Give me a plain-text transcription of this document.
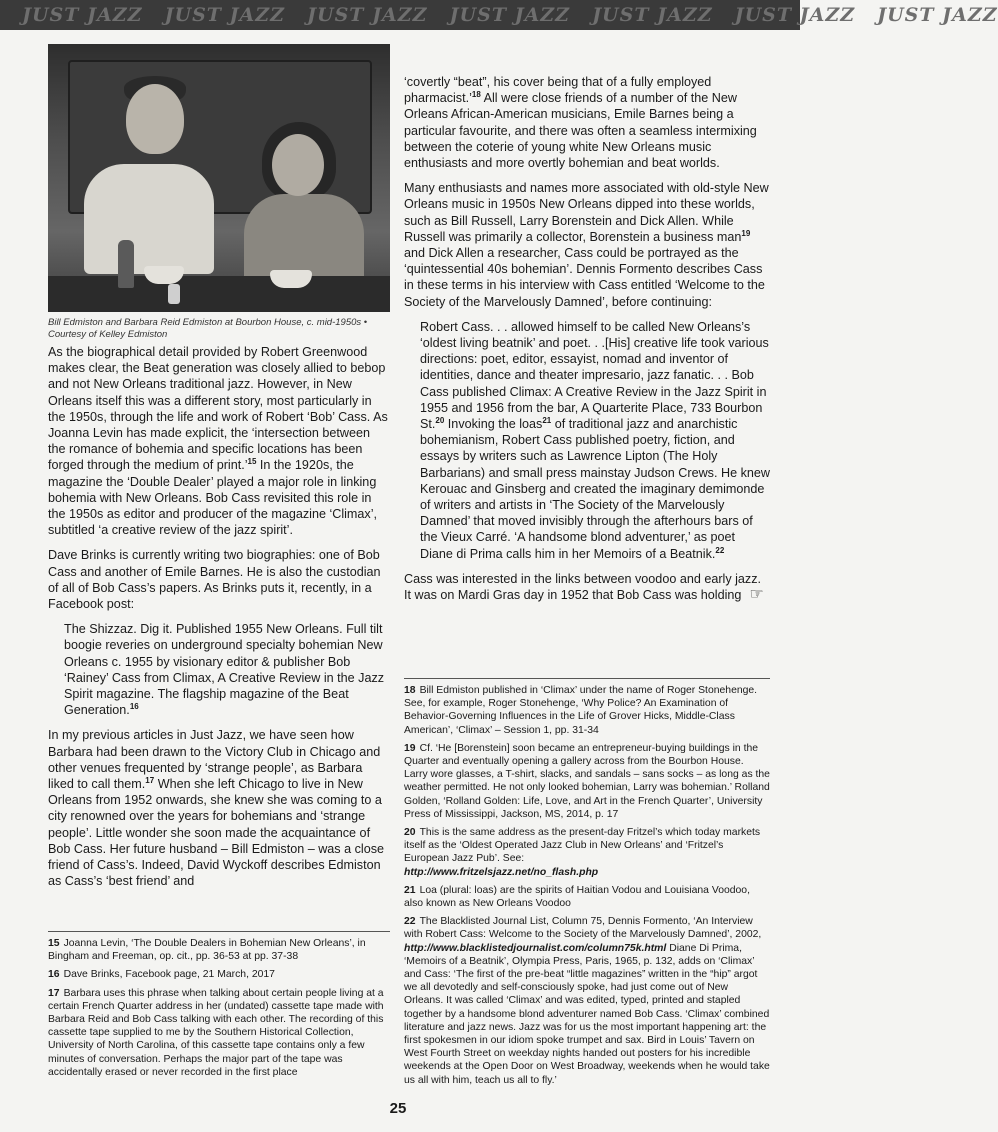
JUST JAZZ JUST JAZZ JUST JAZZ JUST JAZZ JUST JAZZ JUST JAZZ JUST JAZZ
Bill Edmiston and Barbara Reid Edmiston at Bourbon House, c. mid-1950s • Courtesy of Kelley Edmiston

As the biographical detail provided by Robert Greenwood makes clear, the Beat generation was closely allied to bebop and not New Orleans traditional jazz. However, in New Orleans itself this was a different story, most particularly in the 1950s, through the life and work of Robert ‘Bob’ Cass. As Joanna Levin has made explicit, the ‘intersection between the romance of bohemia and specific locations has been forged through the medium of print.’$^{15}$ In the 1920s, the magazine the ‘Double Dealer’ played a major role in linking bohemia with New Orleans. Bob Cass revisited this role in the 1950s as editor and producer of the magazine ‘Climax’, subtitled ‘a creative review of the jazz spirit’.

Dave Brinks is currently writing two biographies: one of Bob Cass and another of Emile Barnes. He is also the custodian of all of Bob Cass’s papers. As Brinks puts it, recently, in a Facebook post:

The Shizzaz. Dig it. Published 1955 New Orleans. Full tilt boogie reveries on underground specialty bohemian New Orleans c. 1955 by visionary editor & publisher Bob ‘Rainey’ Cass from Climax, A Creative Review in the Jazz Spirit magazine. The flagship magazine of the Beat Generation.$^{16}$

In my previous articles in Just Jazz, we have seen how Barbara had been drawn to the Victory Club in Chicago and other venues frequented by ‘strange people’, as Barbara liked to call them.$^{17}$ When she left Chicago to live in New Orleans from 1952 onwards, she knew she was coming to a city renowned over the years for bohemians and ‘strange people’. Little wonder she soon made the acquaintance of Bob Cass. Her future husband – Bill Edmiston – was a close friend of Cass’s. Indeed, David Wyckoff describes Edmiston as Cass’s ‘best friend’ and

‘covertly “beat”, his cover being that of a fully employed pharmacist.’$^{18}$ All were close friends of a number of the New Orleans African-American musicians, Emile Barnes being a particular favourite, and there was often a seamless intermixing between the coterie of young white New Orleans music enthusiasts and more overtly bohemian and beat worlds.

Many enthusiasts and names more associated with old-style New Orleans music in 1950s New Orleans dipped into these worlds, such as Bill Russell, Larry Borenstein and Dick Allen. While Russell was primarily a collector, Borenstein a business man$^{19}$ and Dick Allen a researcher, Cass could be portrayed as the ‘quintessential 40s bohemian’. Dennis Formento describes Cass in these terms in his interview with Cass entitled ‘Welcome to the Society of the Marvelously Damned’, before continuing:

Robert Cass. . . allowed himself to be called New Orleans’s ‘oldest living beatnik’ and poet. . .[His] creative life took various directions: poet, editor, essayist, nomad and inventor of identities, dance and theater impresario, jazz fanatic. . . Bob Cass published Climax: A Creative Review in the Jazz Spirit in 1955 and 1956 from the bar, A Quarterite Place, 733 Bourbon St.$^{20}$ Invoking the loas$^{21}$ of traditional jazz and anarchistic bohemianism, Robert Cass published poetry, fiction, and essays by writers such as Lawrence Lipton (The Holy Barbarians) and small press mainstay Judson Crews. He knew Kerouac and Ginsberg and created the imaginary demimonde of writers and artists in ‘The Society of the Marvelously Damned’ that moved invisibly through the afterhours bars of the Vieux Carré. ‘A handsome blond adventurer,’ as poet Diane di Prima calls him in her Memoirs of a Beatnik.$^{22}$

Cass was interested in the links between voodoo and early jazz. It was on Mardi Gras day in 1952 that Bob Cass was holding ☞

15 Joanna Levin, ‘The Double Dealers in Bohemian New Orleans’, in Bingham and Freeman, op. cit., pp. 36-53 at pp. 37-38
16 Dave Brinks, Facebook page, 21 March, 2017
17 Barbara uses this phrase when talking about certain people living at a certain French Quarter address in her (undated) cassette tape made with Barbara Reid and Bob Cass talking with each other. The recording of this cassette tape supplied to me by the Southern Historical Collection, University of North Carolina, of this cassette tape contains only a few minutes of conversation. Perhaps the major part of the tape was accidentally erased or never recorded in the first place
18 Bill Edmiston published in ‘Climax’ under the name of Roger Stonehenge. See, for example, Roger Stonehenge, ‘Why Police? An Examination of Behavior-Governing Influences in the Life of Grover Hicks, Middle-Class American’, ‘Climax’ – Session 1, pp. 31-34
19 Cf. ‘He [Borenstein] soon became an entrepreneur-buying buildings in the Quarter and eventually opening a gallery across from the Bourbon House. Larry wore glasses, a T-shirt, slacks, and sandals – sans socks – as long as the weather permitted. He not only looked bohemian, Larry was bohemian.’ Rolland Golden, ‘Rolland Golden: Life, Love, and Art in the French Quarter’, University Press of Mississippi, Jackson, MS, 2014, p. 17
20 This is the same address as the present-day Fritzel’s which today markets itself as the ‘Oldest Operated Jazz Club in New Orleans’ and ‘Fritzel’s European Jazz Pub’. See:
http://www.fritzelsjazz.net/no_flash.php
21 Loa (plural: loas) are the spirits of Haitian Vodou and Louisiana Voodoo, also known as New Orleans Voodoo
22 The Blacklisted Journal List, Column 75, Dennis Formento, ‘An Interview with Robert Cass: Welcome to the Society of the Marvelously Damned’, 2002, http://www.blacklistedjournalist.com/column75k.html Diane Di Prima, ‘Memoirs of a Beatnik’, Olympia Press, Paris, 1965, p. 132, adds on ‘Climax’ and Cass: ‘The first of the pre-beat “little magazines” written in the “hip” argot we all devotedly and self-consciously spoke, had just come out of New Orleans. It was called ‘Climax’ and was edited, typed, printed and stapled together by a handsome blond adventurer named Bob Cass. ‘Climax’ combined literature and jazz news. Jazz was for us the most important happening art: the first spokesmen in our idiom spoke trumpet and sax. Bird in Louis’ Tavern on West Fourth Street on weekday nights handed out posters for his incredible weekends at the Open Door on West Broadway, weekends when he would take us all with him, teach us all to fly.’
25
